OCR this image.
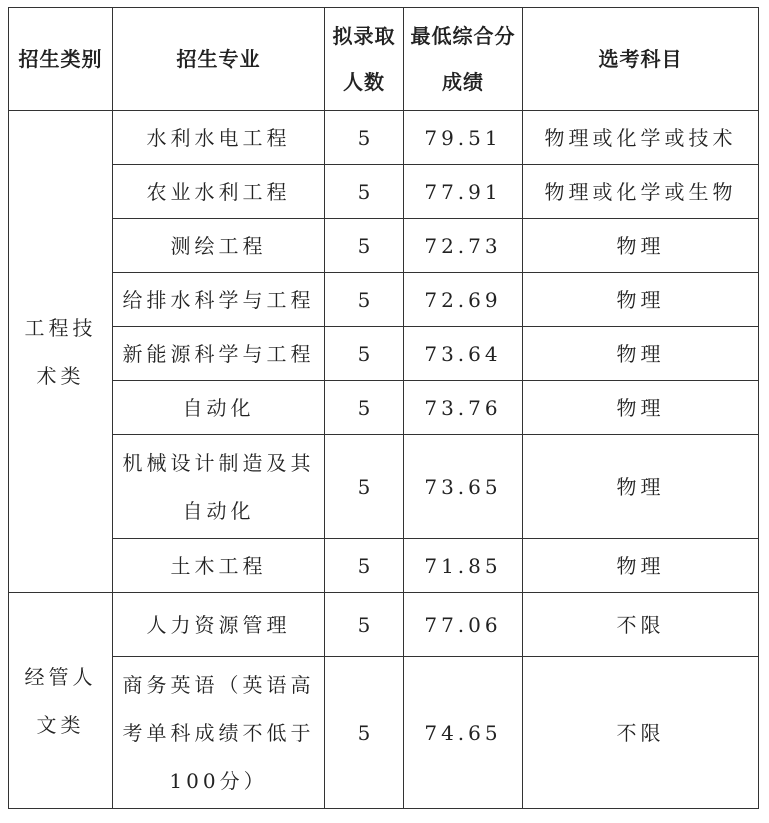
招生类别	招生专业	拟录取人数	最低综合分成绩	选考科目
工程技术类	水利水电工程	5	79.51	物理或化学或技术
	农业水利工程	5	77.91	物理或化学或生物
	测绘工程	5	72.73	物理
	给排水科学与工程	5	72.69	物理
	新能源科学与工程	5	73.64	物理
	自动化	5	73.76	物理
	机械设计制造及其自动化	5	73.65	物理
	土木工程	5	71.85	物理
经管人文类	人力资源管理	5	77.06	不限
	商务英语（英语高考单科成绩不低于100分）	5	74.65	不限
